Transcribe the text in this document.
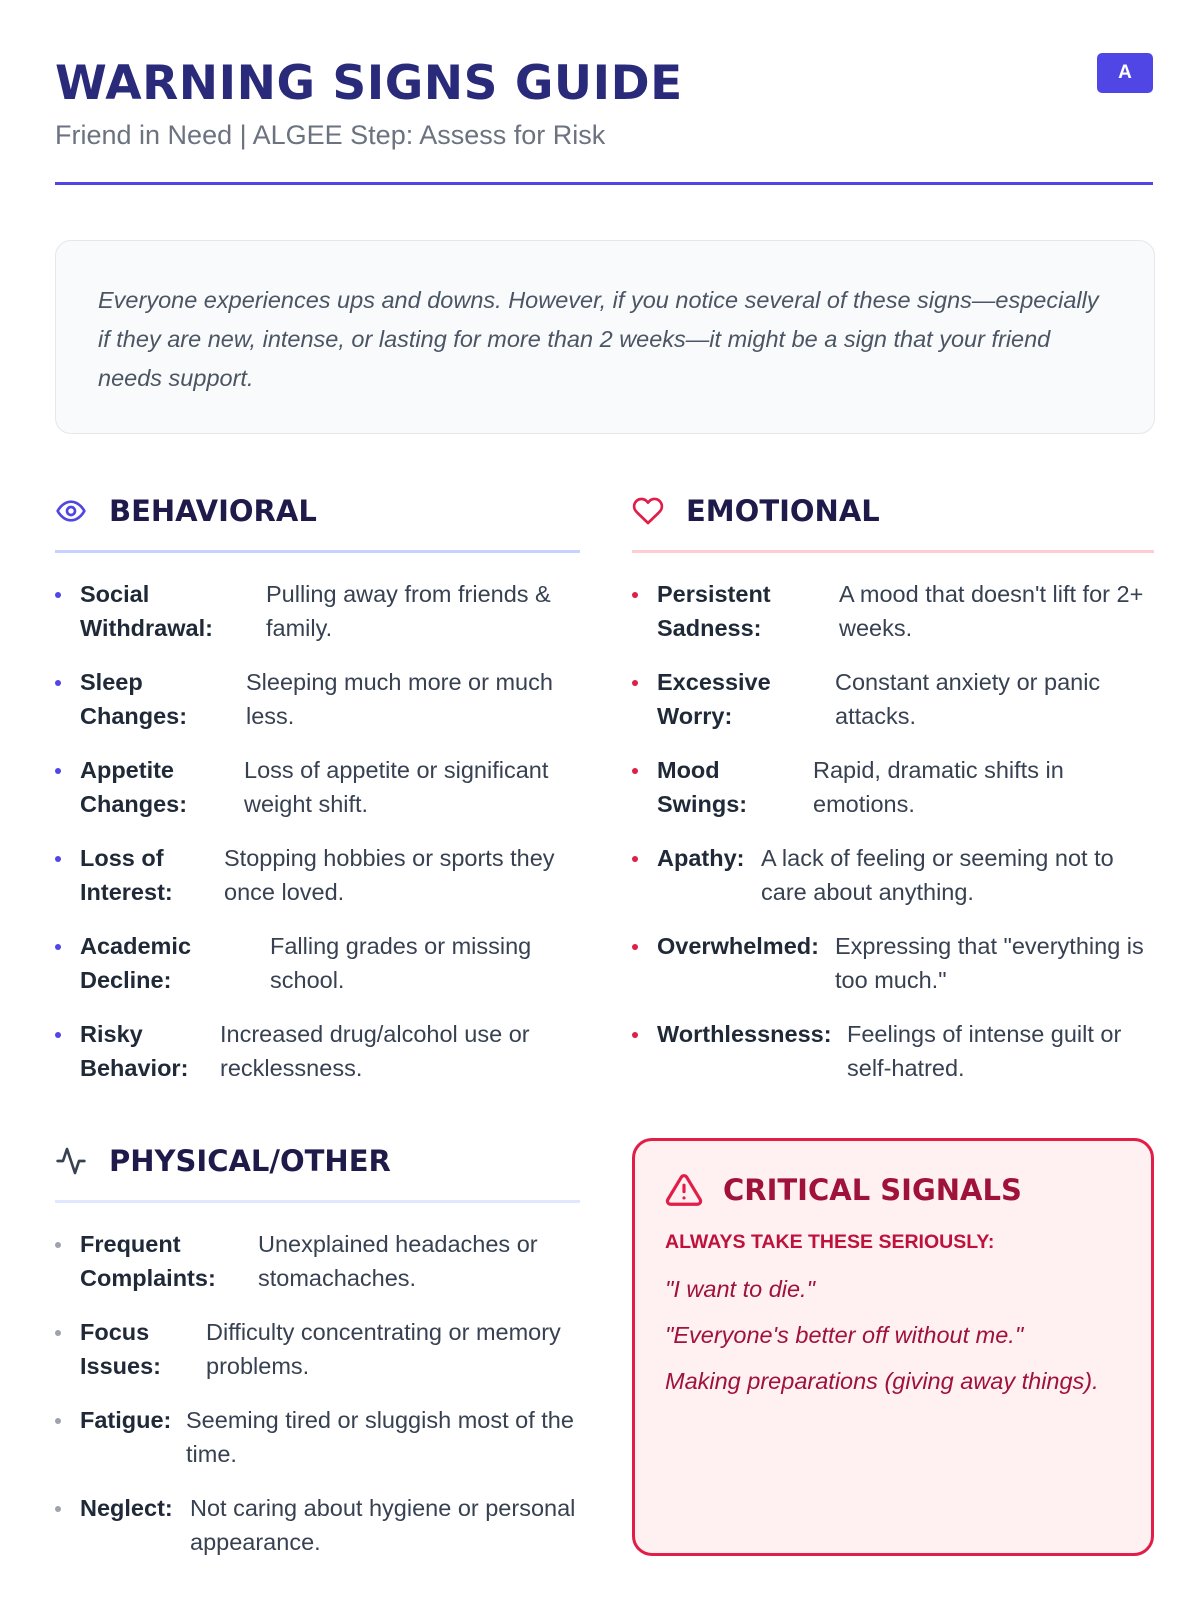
WARNING SIGNS GUIDE
Friend in Need | ALGEE Step: Assess for Risk
A

Everyone experiences ups and downs. However, if you notice several of these signs—especially if they are new, intense, or lasting for more than 2 weeks—it might be a sign that your friend needs support.

BEHAVIORAL
Social Withdrawal:
Pulling away from friends & family.
Sleep Changes:
Sleeping much more or much less.
Appetite Changes:
Loss of appetite or significant weight shift.
Loss of Interest:
Stopping hobbies or sports they once loved.
Academic Decline:
Falling grades or missing school.
Risky Behavior:
Increased drug/alcohol use or recklessness.
EMOTIONAL
Persistent Sadness:
A mood that doesn't lift for 2+ weeks.
Excessive Worry:
Constant anxiety or panic attacks.
Mood Swings:
Rapid, dramatic shifts in emotions.
Apathy: A lack of feeling or seeming not to care about anything.
Overwhelmed: Expressing that "everything is too much."
Worthlessness: Feelings of intense guilt or self-hatred.
PHYSICAL/OTHER
Frequent Complaints:
Unexplained headaches or stomachaches.
Focus Issues:
Difficulty concentrating or memory problems.
Fatigue: Seeming tired or sluggish most of the time.
Neglect: Not caring about hygiene or personal appearance.
CRITICAL SIGNALS
ALWAYS TAKE THESE SERIOUSLY:
"I want to die."
"Everyone's better off without me."
Making preparations (giving away things).
